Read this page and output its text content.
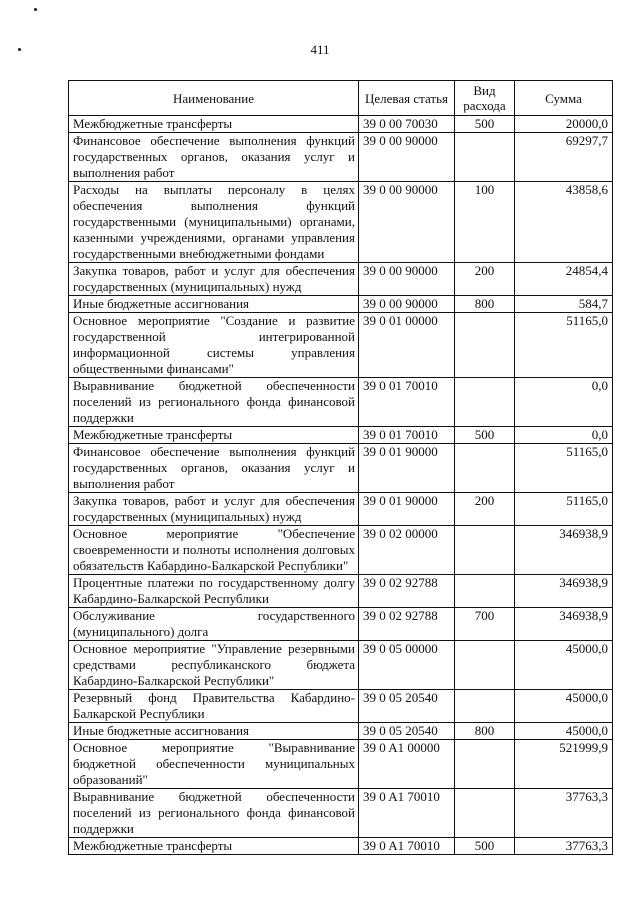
411
Наименование	Целевая статья	Вид расхода	Сумма
Межбюджетные трансферты	39 0 00 70030	500	20000,0
Финансовое обеспечение выполнения функций государственных органов, оказания услуг и выполнения работ	39 0 00 90000		69297,7
Расходы на выплаты персоналу в целях обеспечения выполнения функций государственными (муниципальными) органами, казенными учреждениями, органами управления государственными внебюджетными фондами	39 0 00 90000	100	43858,6
Закупка товаров, работ и услуг для обеспечения государственных (муниципальных) нужд	39 0 00 90000	200	24854,4
Иные бюджетные ассигнования	39 0 00 90000	800	584,7
Основное мероприятие "Создание и развитие государственной интегрированной информационной системы управления общественными финансами"	39 0 01 00000		51165,0
Выравнивание бюджетной обеспеченности поселений из регионального фонда финансовой поддержки	39 0 01 70010		0,0
Межбюджетные трансферты	39 0 01 70010	500	0,0
Финансовое обеспечение выполнения функций государственных органов, оказания услуг и выполнения работ	39 0 01 90000		51165,0
Закупка товаров, работ и услуг для обеспечения государственных (муниципальных) нужд	39 0 01 90000	200	51165,0
Основное мероприятие "Обеспечение своевременности и полноты исполнения долговых обязательств Кабардино-Балкарской Республики"	39 0 02 00000		346938,9
Процентные платежи по государственному долгу Кабардино-Балкарской Республики	39 0 02 92788		346938,9
Обслуживание государственного (муниципального) долга	39 0 02 92788	700	346938,9
Основное мероприятие "Управление резервными средствами республиканского бюджета Кабардино-Балкарской Республики"	39 0 05 00000		45000,0
Резервный фонд Правительства Кабардино-Балкарской Республики	39 0 05 20540		45000,0
Иные бюджетные ассигнования	39 0 05 20540	800	45000,0
Основное мероприятие "Выравнивание бюджетной обеспеченности муниципальных образований"	39 0 A1 00000		521999,9
Выравнивание бюджетной обеспеченности поселений из регионального фонда финансовой поддержки	39 0 A1 70010		37763,3
Межбюджетные трансферты	39 0 A1 70010	500	37763,3
